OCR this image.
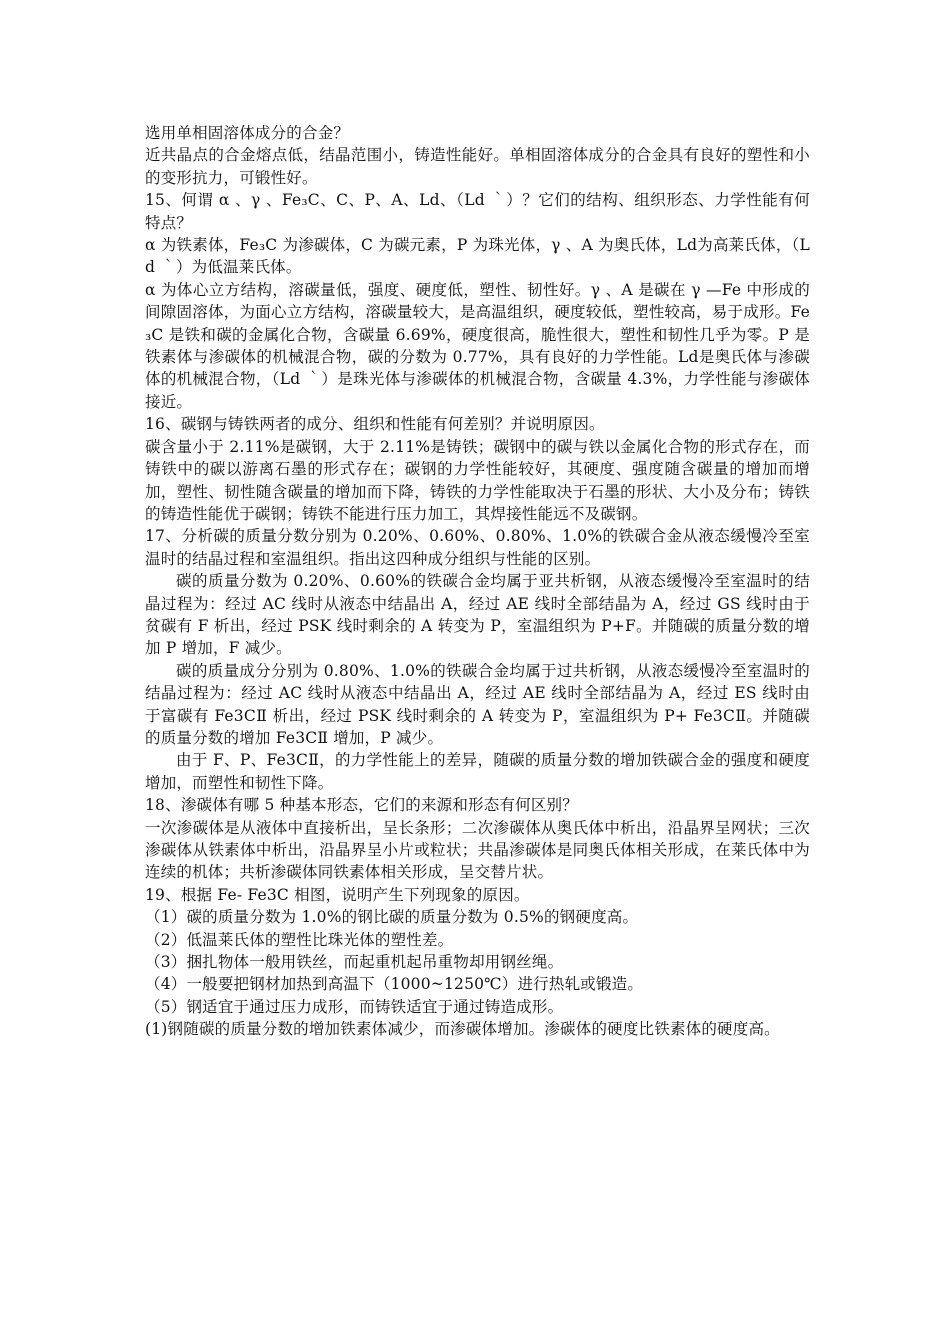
选用单相固溶体成分的合金？

近共晶点的合金熔点低，结晶范围小，铸造性能好。单相固溶体成分的合金具有良好的塑性和小的变形抗力，可锻性好。

15、何谓 α 、γ 、Fe₃C、C、P、A、Ld、（Ld ｀）？它们的结构、组织形态、力学性能有何特点？

α 为铁素体，Fe₃C 为渗碳体，C 为碳元素，P 为珠光体，γ 、A 为奥氏体，Ld为高莱氏体，（Ld ｀）为低温莱氏体。

α 为体心立方结构，溶碳量低，强度、硬度低，塑性、韧性好。γ 、A 是碳在 γ —Fe 中形成的间隙固溶体，为面心立方结构，溶碳量较大，是高温组织，硬度较低，塑性较高，易于成形。Fe₃C 是铁和碳的金属化合物，含碳量 6.69%，硬度很高，脆性很大，塑性和韧性几乎为零。P 是铁素体与渗碳体的机械混合物，碳的分数为 0.77%，具有良好的力学性能。Ld是奥氏体与渗碳体的机械混合物，（Ld ｀）是珠光体与渗碳体的机械混合物，含碳量 4.3%，力学性能与渗碳体接近。

16、碳钢与铸铁两者的成分、组织和性能有何差别？并说明原因。

碳含量小于 2.11%是碳钢，大于 2.11%是铸铁；碳钢中的碳与铁以金属化合物的形式存在，而铸铁中的碳以游离石墨的形式存在；碳钢的力学性能较好，其硬度、强度随含碳量的增加而增加，塑性、韧性随含碳量的增加而下降，铸铁的力学性能取决于石墨的形状、大小及分布；铸铁的铸造性能优于碳钢；铸铁不能进行压力加工，其焊接性能远不及碳钢。

17、分析碳的质量分数分别为 0.20%、0.60%、0.80%、1.0%的铁碳合金从液态缓慢冷至室温时的结晶过程和室温组织。指出这四种成分组织与性能的区别。

碳的质量分数为 0.20%、0.60%的铁碳合金均属于亚共析钢，从液态缓慢冷至室温时的结晶过程为：经过 AC 线时从液态中结晶出 A，经过 AE 线时全部结晶为 A，经过 GS 线时由于贫碳有 F 析出，经过 PSK 线时剩余的 A 转变为 P，室温组织为 P+F。并随碳的质量分数的增加 P 增加，F 减少。

碳的质量成分分别为 0.80%、1.0%的铁碳合金均属于过共析钢，从液态缓慢冷至室温时的结晶过程为：经过 AC 线时从液态中结晶出 A，经过 AE 线时全部结晶为 A，经过 ES 线时由于富碳有 Fe3CⅡ 析出，经过 PSK 线时剩余的 A 转变为 P，室温组织为 P+ Fe3CⅡ。并随碳的质量分数的增加 Fe3CⅡ 增加，P 减少。

由于 F、P、Fe3CⅡ，的力学性能上的差异，随碳的质量分数的增加铁碳合金的强度和硬度增加，而塑性和韧性下降。

18、渗碳体有哪 5 种基本形态，它们的来源和形态有何区别？

一次渗碳体是从液体中直接析出，呈长条形；二次渗碳体从奥氏体中析出，沿晶界呈网状；三次渗碳体从铁素体中析出，沿晶界呈小片或粒状；共晶渗碳体是同奥氏体相关形成，在莱氏体中为连续的机体；共析渗碳体同铁素体相关形成，呈交替片状。

19、根据 Fe- Fe3C 相图，说明产生下列现象的原因。

（1）碳的质量分数为 1.0%的钢比碳的质量分数为 0.5%的钢硬度高。

（2）低温莱氏体的塑性比珠光体的塑性差。

（3）捆扎物体一般用铁丝，而起重机起吊重物却用钢丝绳。

（4）一般要把钢材加热到高温下（1000~1250℃）进行热轧或锻造。

（5）钢适宜于通过压力成形，而铸铁适宜于通过铸造成形。

(1)钢随碳的质量分数的增加铁素体减少，而渗碳体增加。渗碳体的硬度比铁素体的硬度高。
